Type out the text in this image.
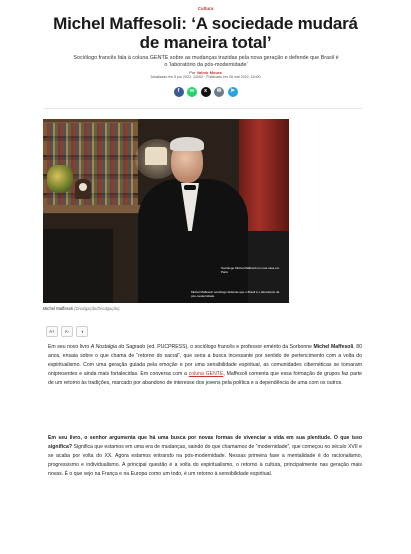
Cultura
Michel Maffesoli: ‘A sociedade mudará de maneira total’

Sociólogo francês fala à coluna GENTE sobre as mudanças trazidas pela nova geração e defende que Brasil é o ‘laboratório da pós-modernidade’

Por Valmir Moura
Atualizado em 5 jun 2022, 12h52 · Publicado em 28 mai 2022, 11h00
f	w	x	✉	➤
Sociólogo Michel Maffesoli em sua casa em Paris
Michel Maffesoli: sociólogo defende que o Brasil é o laboratório da pós-modernidade
Michel Maffesoli (Divulgação/Divulgação)
A+	A-	◑

Em seu novo livro A Nostalgia do Sagrado (ed. PUCPRESS), o sociólogo francês e professor emérito da Sorbonne Michel Maffesoli, 80 anos, ensaia sobre o que chama de “retorno do sacral”, que seria a busca incessante por sentido de pertencimento com a volta do espiritualismo. Com uma geração guiada pela emoção e por uma sensibilidade espiritual, as comunidades cibernéticas se tornaram onipresentes e ainda mais fortalecidas. Em conversa com a coluna GENTE, Maffesoli comenta que essa formação de grupos faz parte de um retorno às tradições, marcado por abandono de interesse dos jovens pela política e a dependência de uma com os outros.

Em seu livro, o senhor argumenta que há uma busca por novas formas de vivenciar a vida em sua plenitude. O que isso significa? Significa que estamos em uma era de mudanças, saindo do que chamamos de “modernidade”, que começou no século XVII e se acaba por volta do XX. Agora estamos entrando na pós-modernidade. Nessas primeira fase a mentalidade é do racionalismo, progressismo e individualismo. A principal questão é a volta do espiritualismo, o retorno à cultura, principalmente nas geração mais novas. É o que vejo na França e na Europa como um todo, é um retorno à sensibilidade espiritual.
